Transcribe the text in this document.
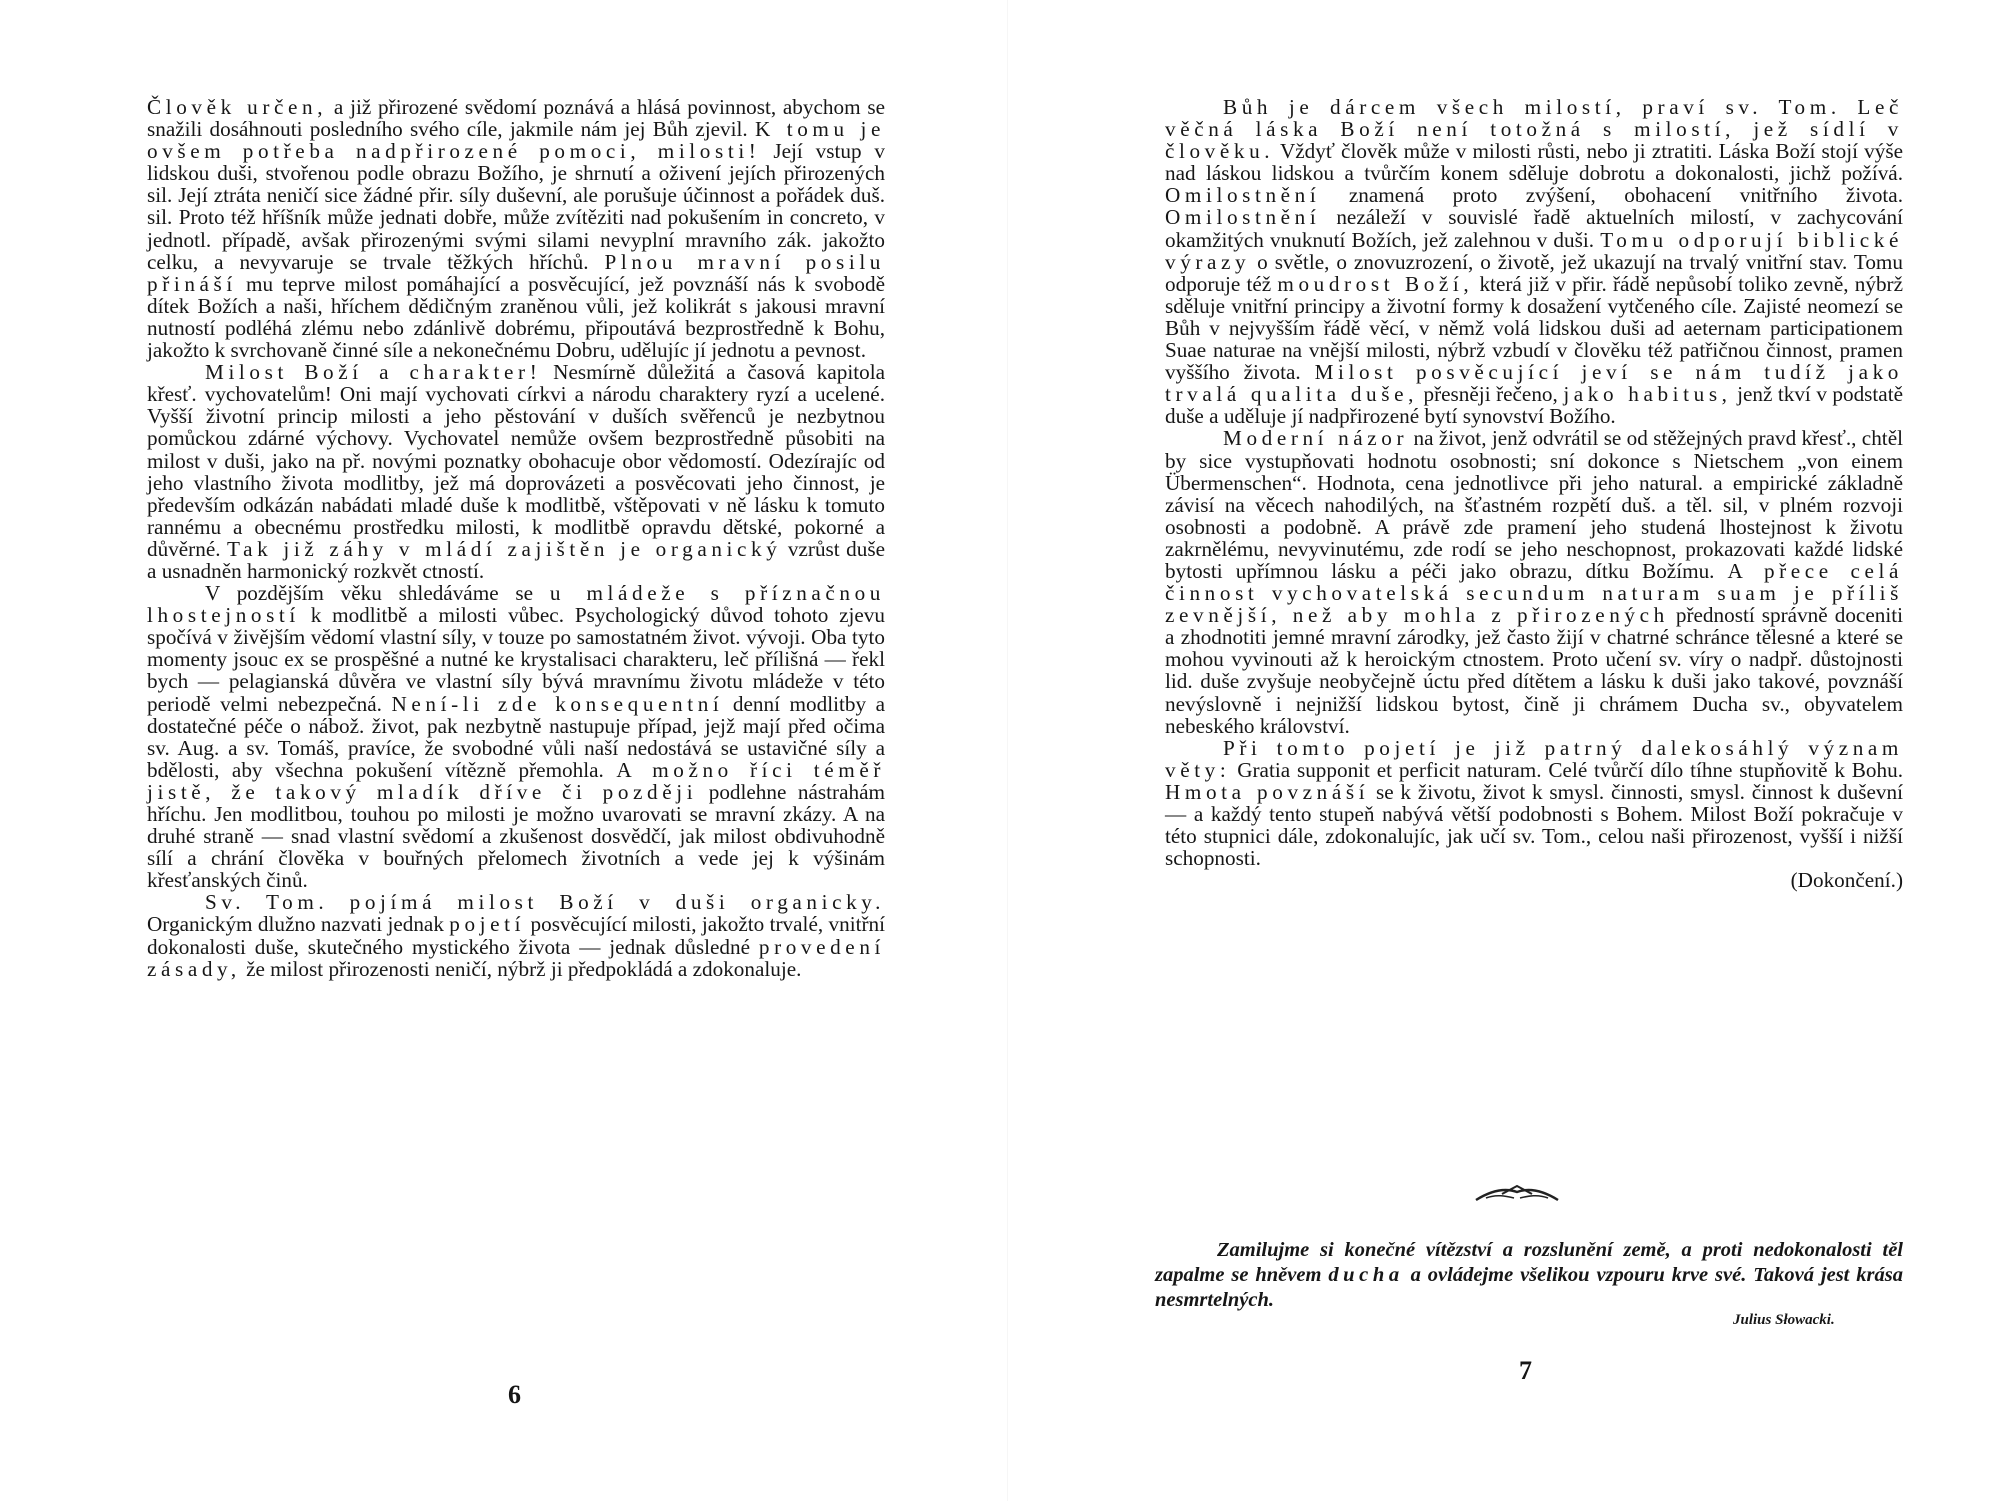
Člověk určen, a již přirozené svědomí poznává a hlásá povinnost, abychom se snažili dosáhnouti posledního svého cíle, jakmile nám jej Bůh zjevil. K tomu je ovšem potřeba nadpřirozené pomoci, milosti! Její vstup v lidskou duši, stvořenou podle obrazu Božího, je shrnutí a oživení jejích přirozených sil. Její ztráta neničí sice žádné přir. síly duševní, ale porušuje účinnost a pořádek duš. sil. Proto též hříšník může jednati dobře, může zvítěziti nad pokušením in concreto, v jednotl. případě, avšak přirozenými svými silami nevyplní mravního zák. jakožto celku, a nevyvaruje se trvale těžkých hříchů. Plnou mravní posilu přináší mu teprve milost pomáhající a posvěcující, jež povznáší nás k svobodě dítek Božích a naši, hříchem dědičným zraněnou vůli, jež kolikrát s jakousi mravní nutností podléhá zlému nebo zdánlivě dobrému, připoutává bezprostředně k Bohu, jakožto k svrchovaně činné síle a nekonečnému Dobru, udělujíc jí jednotu a pevnost.

Milost Boží a charakter! Nesmírně důležitá a časová kapitola křesť. vychovatelům! Oni mají vychovati církvi a národu charaktery ryzí a ucelené. Vyšší životní princip milosti a jeho pěstování v duších svěřenců je nezbytnou pomůckou zdárné výchovy. Vychovatel nemůže ovšem bezprostředně působiti na milost v duši, jako na př. novými poznatky obohacuje obor vědomostí. Odezírajíc od jeho vlastního života modlitby, jež má doprovázeti a posvěcovati jeho činnost, je především odkázán nabádati mladé duše k modlitbě, vštěpovati v ně lásku k tomuto rannému a obecnému prostředku milosti, k modlitbě opravdu dětské, pokorné a důvěrné. Tak již záhy v mládí zajištěn je organický vzrůst duše a usnadněn harmonický rozkvět ctností.

V pozdějším věku shledáváme se u mládeže s příznačnou lhostejností k modlitbě a milosti vůbec. Psychologický důvod tohoto zjevu spočívá v živějším vědomí vlastní síly, v touze po samostatném život. vývoji. Oba tyto momenty jsouc ex se prospěšné a nutné ke krystalisaci charakteru, leč přílišná — řekl bych — pelagianská důvěra ve vlastní síly bývá mravnímu životu mládeže v této periodě velmi nebezpečná. Není-li zde konsequentní denní modlitby a dostatečné péče o nábož. život, pak nezbytně nastupuje případ, jejž mají před očima sv. Aug. a sv. Tomáš, pravíce, že svobodné vůli naší nedostává se ustavičné síly a bdělosti, aby všechna pokušení vítězně přemohla. A možno říci téměř jistě, že takový mladík dříve či později podlehne nástrahám hříchu. Jen modlitbou, touhou po milosti je možno uvarovati se mravní zkázy. A na druhé straně — snad vlastní svědomí a zkušenost dosvědčí, jak milost obdivuhodně sílí a chrání člověka v bouřných přelomech životních a vede jej k výšinám křesťanských činů.

Sv. Tom. pojímá milost Boží v duši organicky. Organickým dlužno nazvati jednak pojetí posvěcující milosti, jakožto trvalé, vnitřní dokonalosti duše, skutečného mystického života — jednak důsledné provedení zásady, že milost přirozenosti neničí, nýbrž ji předpokládá a zdokonaluje.

6

Bůh je dárcem všech milostí, praví sv. Tom. Leč věčná láska Boží není totožná s milostí, jež sídlí v člověku. Vždyť člověk může v milosti růsti, nebo ji ztratiti. Láska Boží stojí výše nad láskou lidskou a tvůrčím konem sděluje dobrotu a dokonalosti, jichž požívá. Omilostnění znamená proto zvýšení, obohacení vnitřního života. Omilostnění nezáleží v souvislé řadě aktuelních milostí, v zachycování okamžitých vnuknutí Božích, jež zalehnou v duši. Tomu odporují biblické výrazy o světle, o znovuzrození, o životě, jež ukazují na trvalý vnitřní stav. Tomu odporuje též moudrost Boží, která již v přir. řádě nepůsobí toliko zevně, nýbrž sděluje vnitřní principy a životní formy k dosažení vytčeného cíle. Zajisté neomezí se Bůh v nejvyšším řádě věcí, v němž volá lidskou duši ad aeternam participationem Suae naturae na vnější milosti, nýbrž vzbudí v člověku též patřičnou činnost, pramen vyššího života. Milost posvěcující jeví se nám tudíž jako trvalá qualita duše, přesněji řečeno, jako habitus, jenž tkví v podstatě duše a uděluje jí nadpřirozené bytí synovství Božího.

Moderní názor na život, jenž odvrátil se od stěžejných pravd křesť., chtěl by sice vystupňovati hodnotu osobnosti; sní dokonce s Nietschem „von einem Übermenschen“. Hodnota, cena jednotlivce při jeho natural. a empirické základně závisí na věcech nahodilých, na šťastném rozpětí duš. a těl. sil, v plném rozvoji osobnosti a podobně. A právě zde pramení jeho studená lhostejnost k životu zakrnělému, nevyvinutému, zde rodí se jeho neschopnost, prokazovati každé lidské bytosti upřímnou lásku a péči jako obrazu, dítku Božímu. A přece celá činnost vychovatelská secundum naturam suam je příliš zevnější, než aby mohla z přirozených předností správně doceniti a zhodnotiti jemné mravní zárodky, jež často žijí v chatrné schránce tělesné a které se mohou vyvinouti až k heroickým ctnostem. Proto učení sv. víry o nadpř. důstojnosti lid. duše zvyšuje neobyčejně úctu před dítětem a lásku k duši jako takové, povznáší nevýslovně i nejnižší lidskou bytost, čině ji chrámem Ducha sv., obyvatelem nebeského království.

Při tomto pojetí je již patrný dalekosáhlý význam věty: Gratia supponit et perficit naturam. Celé tvůrčí dílo tíhne stupňovitě k Bohu. Hmota povznáší se k životu, život k smysl. činnosti, smysl. činnost k duševní — a každý tento stupeň nabývá větší podobnosti s Bohem. Milost Boží pokračuje v této stupnici dále, zdokonalujíc, jak učí sv. Tom., celou naši přirozenost, vyšší i nižší schopnosti.

(Dokončení.)

Zamilujme si konečné vítězství a rozslunění země, a proti nedokonalosti těl zapalme se hněvem ducha a ovládejme všelikou vzpouru krve své. Taková jest krása nesmrtelných.

Julius Słowacki.
7
